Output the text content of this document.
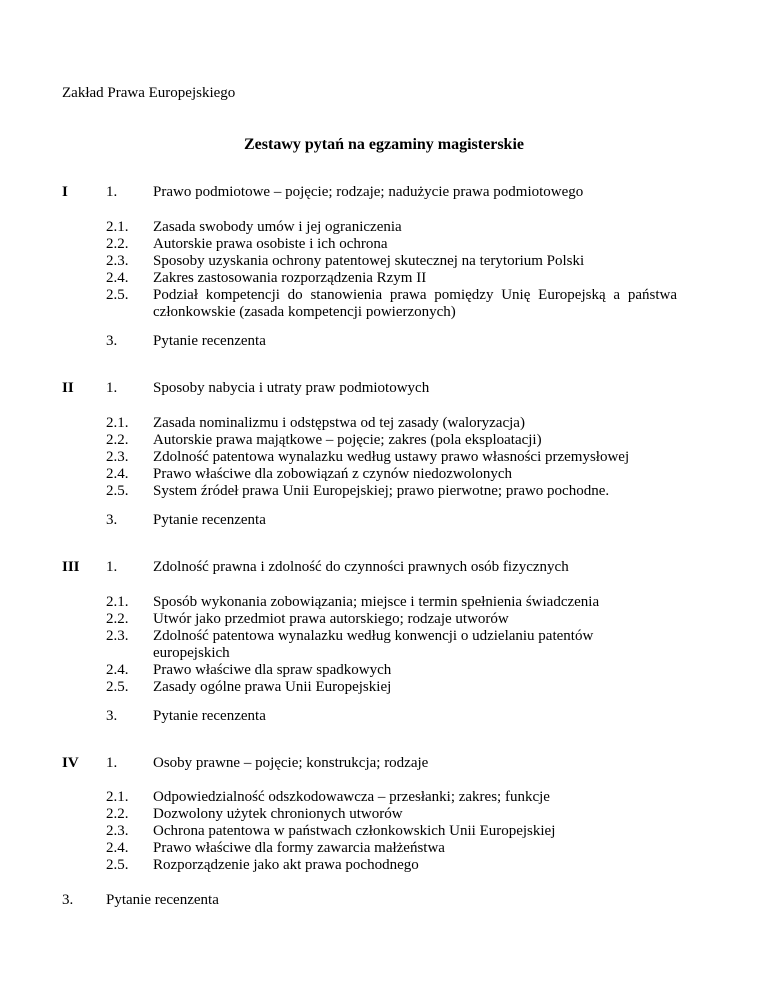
Zakład Prawa Europejskiego
Zestawy pytań na egzaminy magisterskie
I	1. Prawo podmiotowe – pojęcie; rodzaje; nadużycie prawa podmiotowego
2.1. Zasada swobody umów i jej ograniczenia
2.2. Autorskie prawa osobiste i ich ochrona
2.3. Sposoby uzyskania ochrony patentowej skutecznej na terytorium Polski
2.4. Zakres zastosowania rozporządzenia Rzym II
2.5. Podział kompetencji do stanowienia prawa pomiędzy Unię Europejską a państwa członkowskie (zasada kompetencji powierzonych)
3. Pytanie recenzenta
II 1. Sposoby nabycia i utraty praw podmiotowych
2.1. Zasada nominalizmu i odstępstwa od tej zasady (waloryzacja)
2.2. Autorskie prawa majątkowe – pojęcie; zakres (pola eksploatacji)
2.3. Zdolność patentowa wynalazku według ustawy prawo własności przemysłowej
2.4. Prawo właściwe dla zobowiązań z czynów niedozwolonych
2.5. System źródeł prawa Unii Europejskiej; prawo pierwotne; prawo pochodne.
3. Pytanie recenzenta
III 1. Zdolność prawna i zdolność do czynności prawnych osób fizycznych
2.1. Sposób wykonania zobowiązania; miejsce i termin spełnienia świadczenia
2.2. Utwór jako przedmiot prawa autorskiego; rodzaje utworów
2.3. Zdolność patentowa wynalazku według konwencji o udzielaniu patentów europejskich
2.4. Prawo właściwe dla spraw spadkowych
2.5. Zasady ogólne prawa Unii Europejskiej
3. Pytanie recenzenta
IV 1. Osoby prawne – pojęcie; konstrukcja; rodzaje
2.1. Odpowiedzialność odszkodowawcza – przesłanki; zakres; funkcje
2.2. Dozwolony użytek chronionych utworów
2.3. Ochrona patentowa w państwach członkowskich Unii Europejskiej
2.4. Prawo właściwe dla formy zawarcia małżeństwa
2.5. Rozporządzenie jako akt prawa pochodnego
3. Pytanie recenzenta
